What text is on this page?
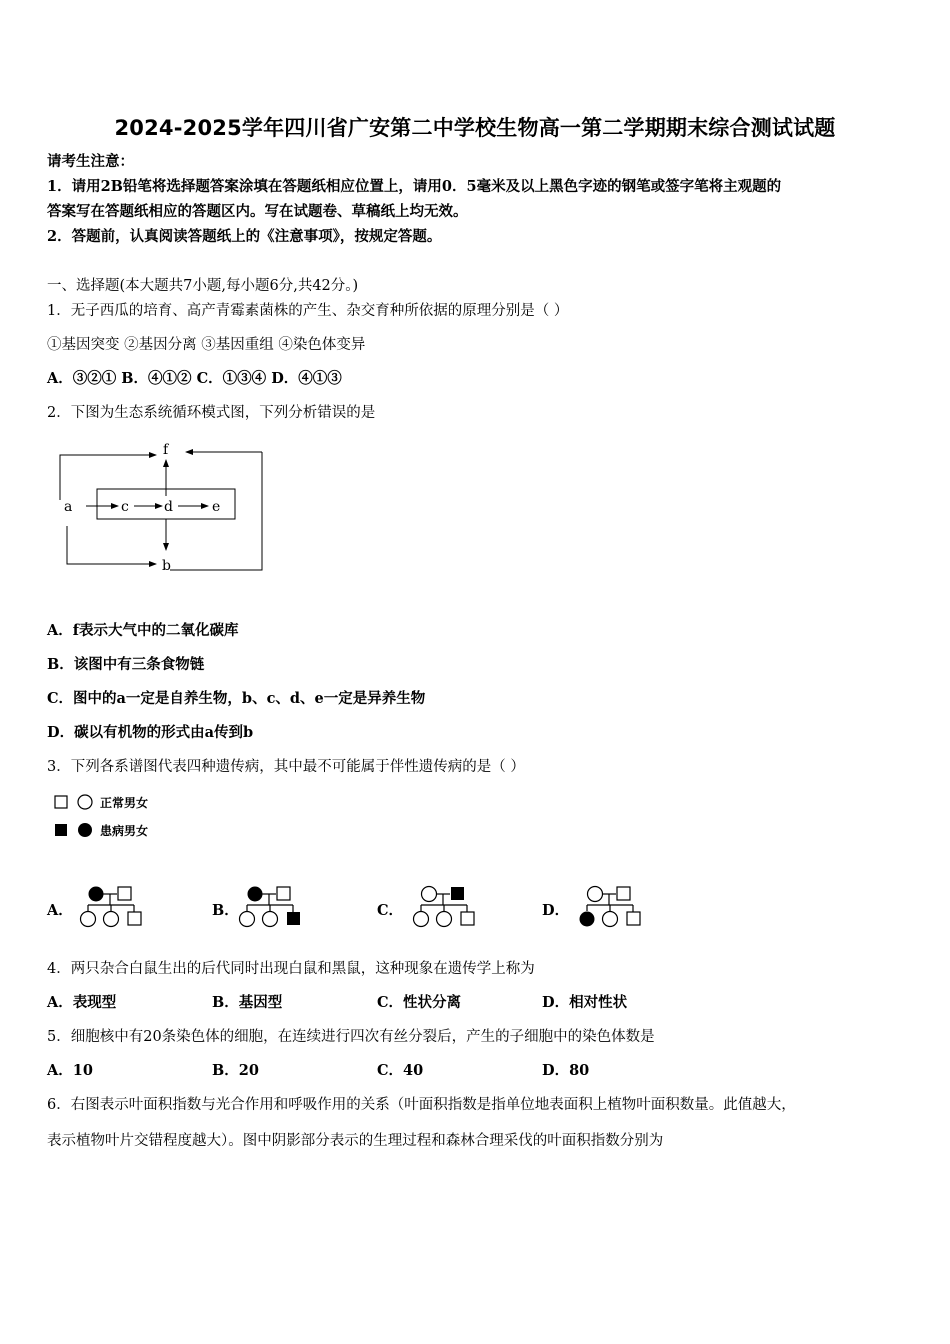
2024-2025学年四川省广安第二中学校生物高一第二学期期末综合测试试题
请考生注意：
1．请用2B铅笔将选择题答案涂填在答题纸相应位置上，请用0．5毫米及以上黑色字迹的钢笔或签字笔将主观题的
答案写在答题纸相应的答题区内。写在试题卷、草稿纸上均无效。
2．答题前，认真阅读答题纸上的《注意事项》，按规定答题。
一、选择题(本大题共7小题,每小题6分,共42分。)
1．无子西瓜的培育、高产青霉素菌株的产生、杂交育种所依据的原理分别是（ ）
①基因突变 ②基因分离 ③基因重组 ④染色体变异
A．③②① B．④①② C．①③④ D．④①③
2．下图为生态系统循环模式图，下列分析错误的是
f
a	c	d	e
b
A．f表示大气中的二氧化碳库
B．该图中有三条食物链
C．图中的a一定是自养生物，b、c、d、e一定是异养生物
D．碳以有机物的形式由a传到b
3．下列各系谱图代表四种遗传病，其中最不可能属于伴性遗传病的是（ ）
正常男女
患病男女
A．	B．	C．	D．
4．两只杂合白鼠生出的后代同时出现白鼠和黑鼠，这种现象在遗传学上称为
A．表现型	B．基因型	C．性状分离	D．相对性状
5．细胞核中有20条染色体的细胞，在连续进行四次有丝分裂后，产生的子细胞中的染色体数是
A．10	B．20	C．40	D．80
6．右图表示叶面积指数与光合作用和呼吸作用的关系（叶面积指数是指单位地表面积上植物叶面积数量。此值越大，
表示植物叶片交错程度越大）。图中阴影部分表示的生理过程和森林合理采伐的叶面积指数分别为
